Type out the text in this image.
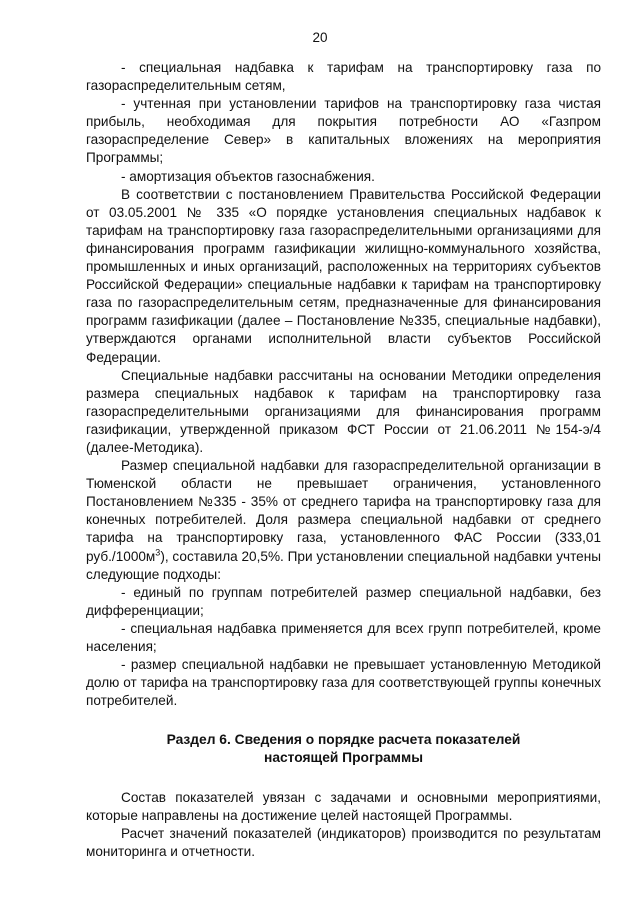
20

- специальная надбавка к тарифам на транспортировку газа по газораспределительным сетям,

- учтенная при установлении тарифов на транспортировку газа чистая прибыль, необходимая для покрытия потребности АО «Газпром газораспределение Север» в капитальных вложениях на мероприятия Программы;

- амортизация объектов газоснабжения.

В соответствии с постановлением Правительства Российской Федерации от 03.05.2001 № 335 «О порядке установления специальных надбавок к тарифам на транспортировку газа газораспределительными организациями для финансирования программ газификации жилищно-коммунального хозяйства, промышленных и иных организаций, расположенных на территориях субъектов Российской Федерации» специальные надбавки к тарифам на транспортировку газа по газораспределительным сетям, предназначенные для финансирования программ газификации (далее – Постановление №335, специальные надбавки), утверждаются органами исполнительной власти субъектов Российской Федерации.

Специальные надбавки рассчитаны на основании Методики определения размера специальных надбавок к тарифам на транспортировку газа газораспределительными организациями для финансирования программ газификации, утвержденной приказом ФСТ России от 21.06.2011 №154-э/4 (далее-Методика).

Размер специальной надбавки для газораспределительной организации в Тюменской области не превышает ограничения, установленного Постановлением №335 - 35% от среднего тарифа на транспортировку газа для конечных потребителей. Доля размера специальной надбавки от среднего тарифа на транспортировку газа, установленного ФАС России (333,01 $руб./1000м^3$), составила 20,5%. При установлении специальной надбавки учтены следующие подходы:

- единый по группам потребителей размер специальной надбавки, без дифференциации;

- специальная надбавка применяется для всех групп потребителей, кроме населения;

- размер специальной надбавки не превышает установленную Методикой долю от тарифа на транспортировку газа для соответствующей группы конечных потребителей.

Раздел 6. Сведения о порядке расчета показателей
настоящей Программы

Состав показателей увязан с задачами и основными мероприятиями, которые направлены на достижение целей настоящей Программы.

Расчет значений показателей (индикаторов) производится по результатам мониторинга и отчетности.
